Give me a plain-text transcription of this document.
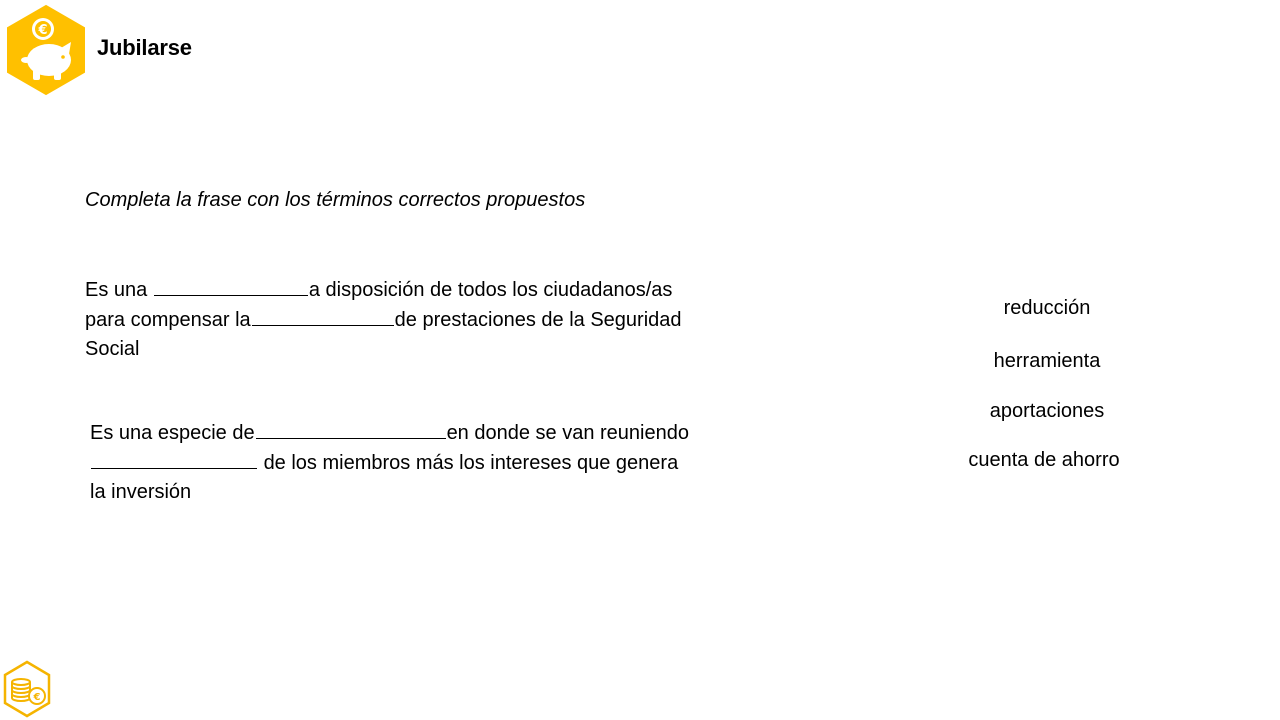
€
Jubilarse
Completa la frase con los términos correctos propuestos
Es una	a disposición de todos los ciudadanos/as
para compensar la	de prestaciones de la Seguridad
Social
Es una especie de	en donde se van reuniendo
de los miembros más los intereses que genera
la inversión
reducción
herramienta
aportaciones
cuenta de ahorro
€
